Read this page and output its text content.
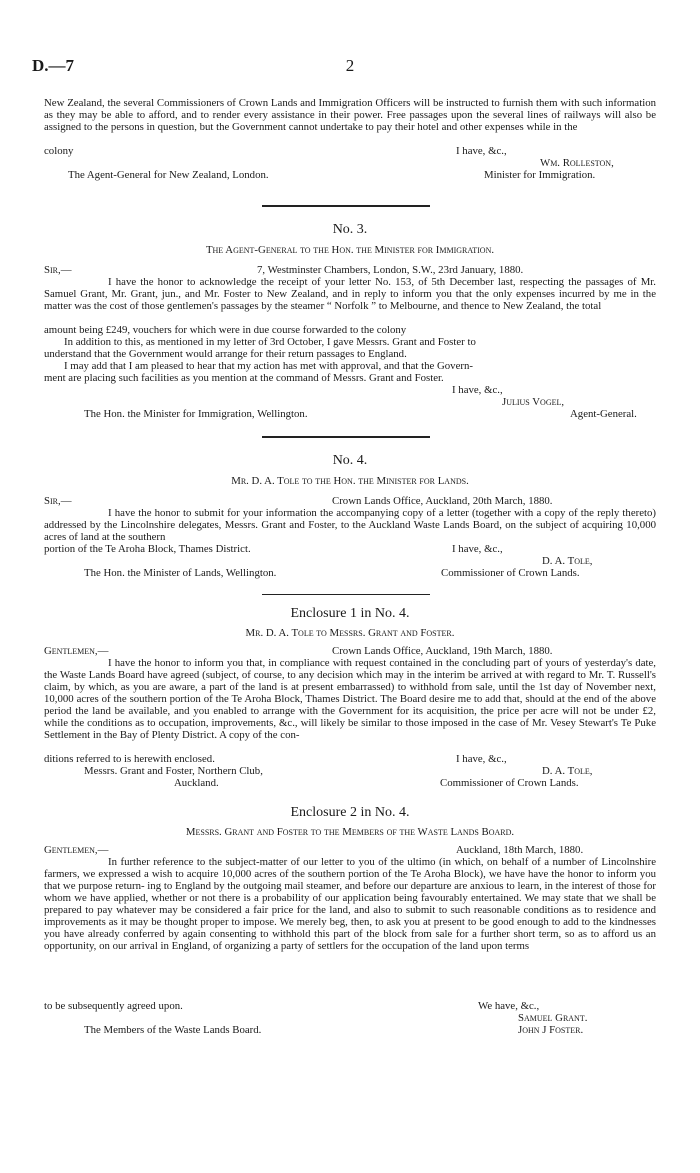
D.—7	2
New Zealand, the several Commissioners of Crown Lands and Immigration Officers will be instructed to furnish them with such information as they may be able to afford, and to render every assistance in their power. Free passages upon the several lines of railways will also be assigned to the persons in question, but the Government cannot undertake to pay their hotel and other expenses while in the
colony	I have, &c.,
Wm. Rolleston,
The Agent-General for New Zealand, London.	Minister for Immigration.
No. 3.
The Agent-General to the Hon. the Minister for Immigration.
Sir,—	7, Westminster Chambers, London, S.W., 23rd January, 1880.
I have the honor to acknowledge the receipt of your letter No. 153, of 5th December last, respecting the passages of Mr. Samuel Grant, Mr. Grant, jun., and Mr. Foster to New Zealand, and in reply to inform you that the only expenses incurred by me in the matter was the cost of those gentlemen's passages by the steamer “ Norfolk ” to Melbourne, and thence to New Zealand, the total
amount being £249, vouchers for which were in due course forwarded to the colony
In addition to this, as mentioned in my letter of 3rd October, I gave Messrs. Grant and Foster to
understand that the Government would arrange for their return passages to England.
I may add that I am pleased to hear that my action has met with approval, and that the Govern-
ment are placing such facilities as you mention at the command of Messrs. Grant and Foster.
I have, &c.,
Julius Vogel,
The Hon. the Minister for Immigration, Wellington.	Agent-General.
No. 4.
Mr. D. A. Tole to the Hon. the Minister for Lands.
Sir,—	Crown Lands Office, Auckland, 20th March, 1880.
I have the honor to submit for your information the accompanying copy of a letter (together with a copy of the reply thereto) addressed by the Lincolnshire delegates, Messrs. Grant and Foster, to the Auckland Waste Lands Board, on the subject of acquiring 10,000 acres of land at the southern
portion of the Te Aroha Block, Thames District.	I have, &c.,
D. A. Tole,
The Hon. the Minister of Lands, Wellington.	Commissioner of Crown Lands.
Enclosure 1 in No. 4.
Mr. D. A. Tole to Messrs. Grant and Foster.
Gentlemen,—	Crown Lands Office, Auckland, 19th March, 1880.
I have the honor to inform you that, in compliance with request contained in the concluding part of yours of yesterday's date, the Waste Lands Board have agreed (subject, of course, to any decision which may in the interim be arrived at with regard to Mr. T. Russell's claim, by which, as you are aware, a part of the land is at present embarrassed) to withhold from sale, until the 1st day of November next, 10,000 acres of the southern portion of the Te Aroha Block, Thames District. The Board desire me to add that, should at the end of the above period the land be available, and you enabled to arrange with the Government for its acquisition, the price per acre will not be under £2, while the conditions as to occupation, improvements, &c., will likely be similar to those imposed in the case of Mr. Vesey Stewart's Te Puke Settlement in the Bay of Plenty District. A copy of the con-
ditions referred to is herewith enclosed.	I have, &c.,
Messrs. Grant and Foster, Northern Club,	D. A. Tole,
Auckland.	Commissioner of Crown Lands.
Enclosure 2 in No. 4.
Messrs. Grant and Foster to the Members of the Waste Lands Board.
Gentlemen,—	Auckland, 18th March, 1880.
In further reference to the subject-matter of our letter to you of the ultimo (in which, on behalf of a number of Lincolnshire farmers, we expressed a wish to acquire 10,000 acres of the southern portion of the Te Aroha Block), we have have the honor to inform you that we purpose return- ing to England by the outgoing mail steamer, and before our departure are anxious to learn, in the interest of those for whom we have applied, whether or not there is a probability of our application being favourably entertained. We may state that we shall be prepared to pay whatever may be considered a fair price for the land, and also to submit to such reasonable conditions as to residence and improvements as it may be thought proper to impose. We merely beg, then, to ask you at present to be good enough to add to the kindnesses you have already conferred by again consenting to withhold this part of the block from sale for a further short term, so as to afford us an opportunity, on our arrival in England, of organizing a party of settlers for the occupation of the land upon terms
to be subsequently agreed upon.	We have, &c.,
Samuel Grant.
The Members of the Waste Lands Board.	John J Foster.
